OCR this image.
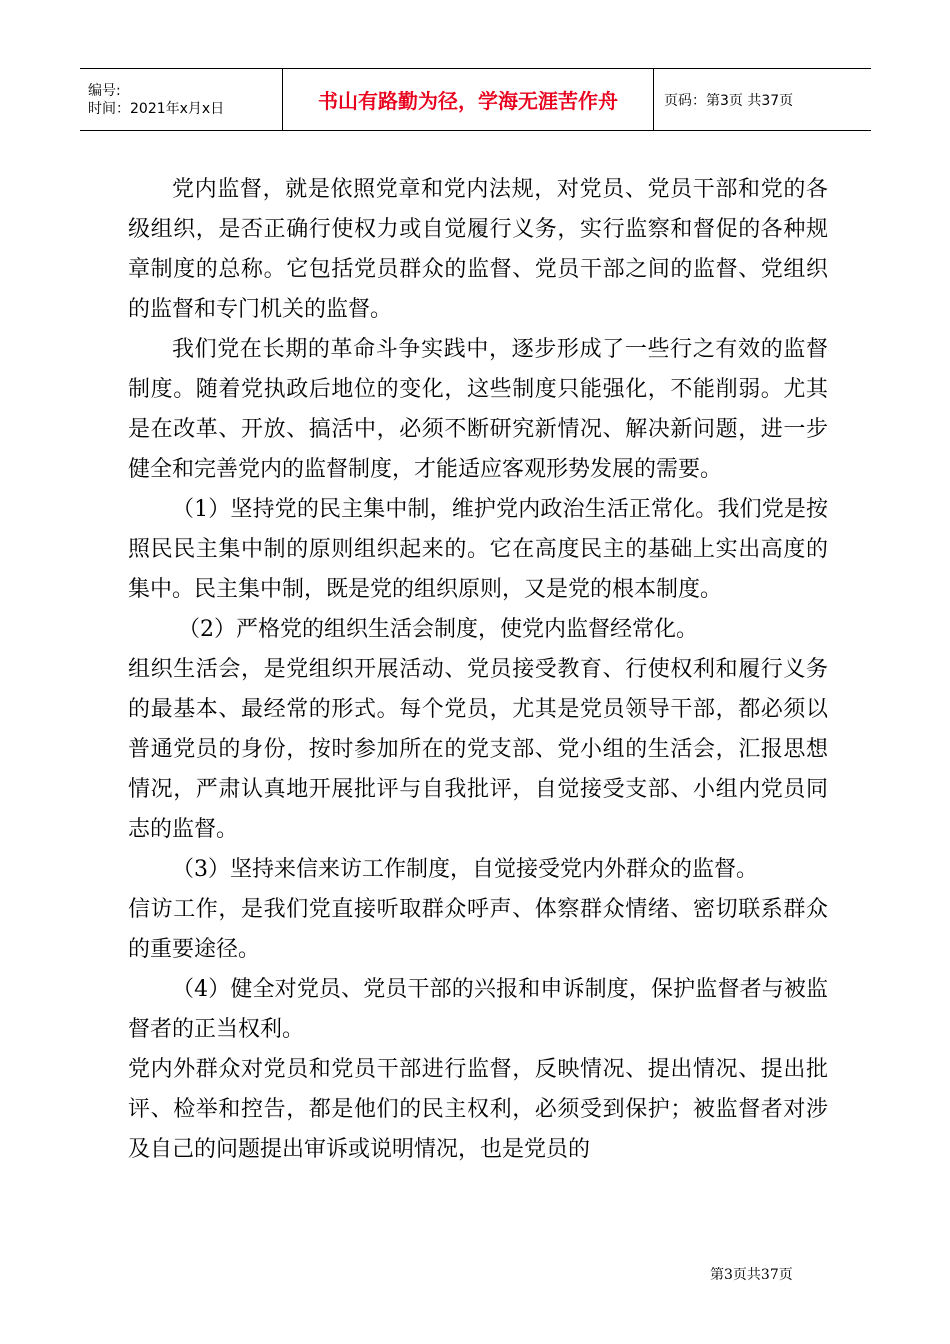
编号:
时间：2021年x月x日	书山有路勤为径，学海无涯苦作舟	页码：第3页 共37页

党内监督，就是依照党章和党内法规，对党员、党员干部和党的各级组织，是否正确行使权力或自觉履行义务，实行监察和督促的各种规章制度的总称。它包括党员群众的监督、党员干部之间的监督、党组织的监督和专门机关的监督。

我们党在长期的革命斗争实践中，逐步形成了一些行之有效的监督制度。随着党执政后地位的变化，这些制度只能强化，不能削弱。尤其是在改革、开放、搞活中，必须不断研究新情况、解决新问题，进一步健全和完善党内的监督制度，才能适应客观形势发展的需要。

（1）坚持党的民主集中制，维护党内政治生活正常化。我们党是按照民民主集中制的原则组织起来的。它在高度民主的基础上实出高度的集中。民主集中制，既是党的组织原则，又是党的根本制度。

（2）严格党的组织生活会制度，使党内监督经常化。

组织生活会，是党组织开展活动、党员接受教育、行使权利和履行义务的最基本、最经常的形式。每个党员，尤其是党员领导干部，都必须以普通党员的身份，按时参加所在的党支部、党小组的生活会，汇报思想情况，严肃认真地开展批评与自我批评，自觉接受支部、小组内党员同志的监督。

（3）坚持来信来访工作制度，自觉接受党内外群众的监督。

信访工作，是我们党直接听取群众呼声、体察群众情绪、密切联系群众的重要途径。

（4）健全对党员、党员干部的兴报和申诉制度，保护监督者与被监督者的正当权利。

党内外群众对党员和党员干部进行监督，反映情况、提出情况、提出批评、检举和控告，都是他们的民主权利，必须受到保护；被监督者对涉及自己的问题提出审诉或说明情况，也是党员的

第3页共37页
